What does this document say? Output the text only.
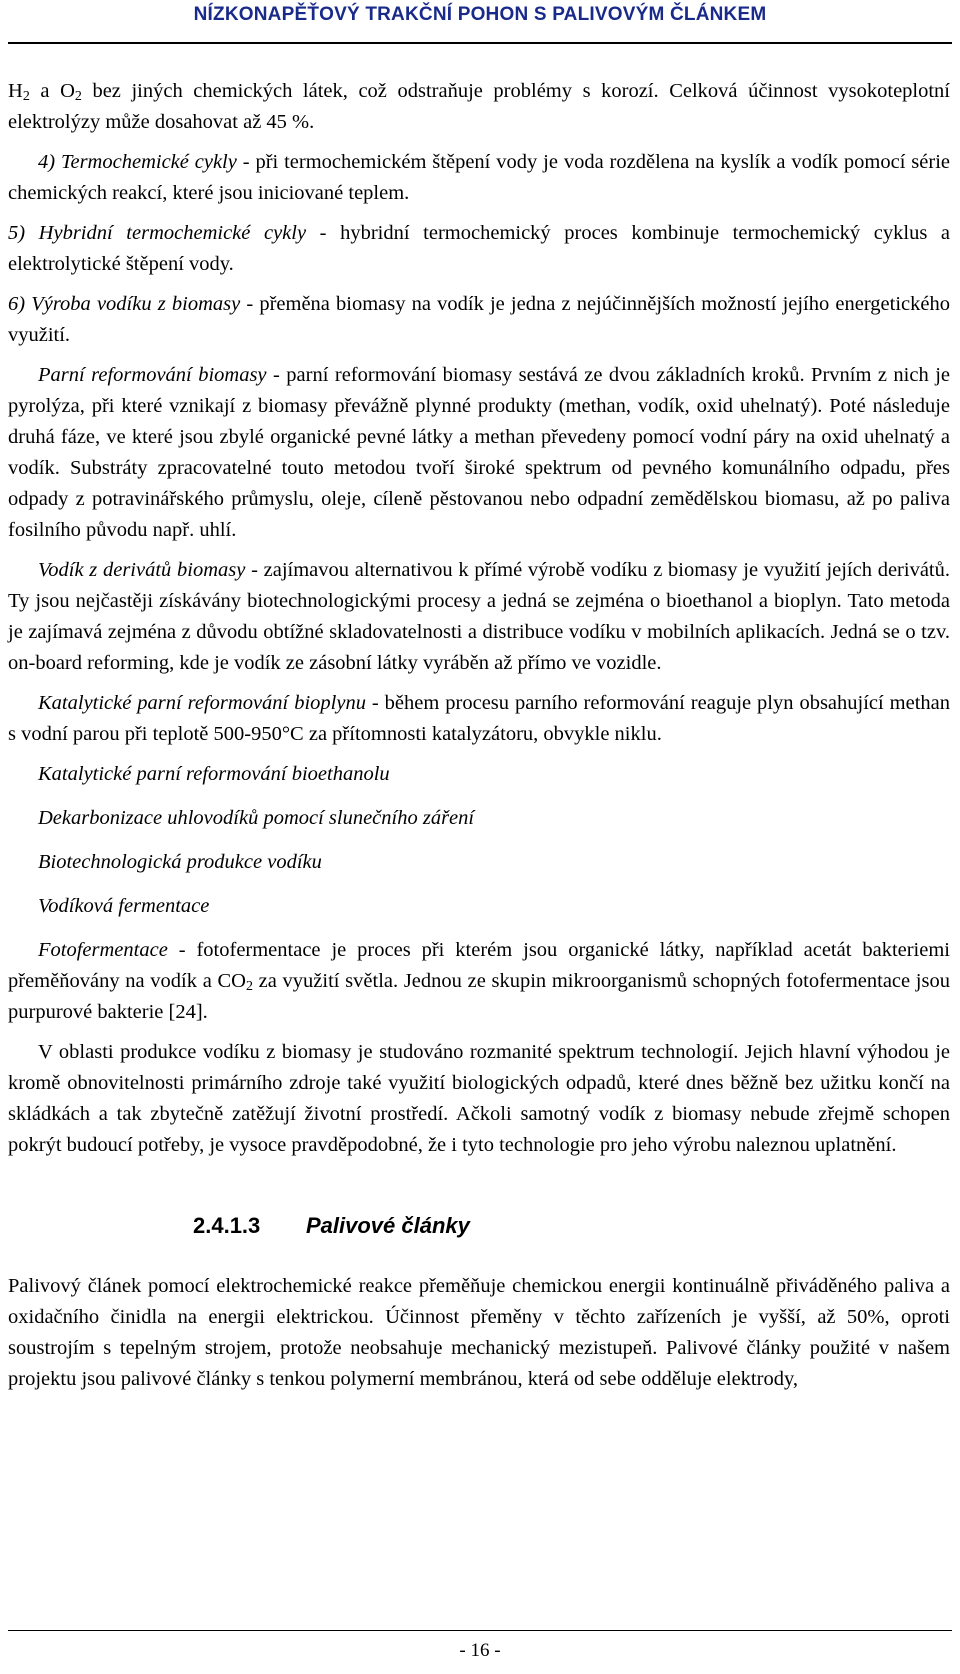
NÍZKONAPĚŤOVÝ TRAKČNÍ POHON S PALIVOVÝM ČLÁNKEM

$H_2$ a $O_2$ bez jiných chemických látek, což odstraňuje problémy s korozí. Celková účinnost vysokoteplotní elektrolýzy může dosahovat až 45 %.

4) Termochemické cykly - při termochemickém štěpení vody je voda rozdělena na kyslík a vodík pomocí série chemických reakcí, které jsou iniciované teplem.

5) Hybridní termochemické cykly - hybridní termochemický proces kombinuje termochemický cyklus a elektrolytické štěpení vody.

6) Výroba vodíku z biomasy - přeměna biomasy na vodík je jedna z nejúčinnějších možností jejího energetického využití.

Parní reformování biomasy - parní reformování biomasy sestává ze dvou základních kroků. Prvním z nich je pyrolýza, při které vznikají z biomasy převážně plynné produkty (methan, vodík, oxid uhelnatý). Poté následuje druhá fáze, ve které jsou zbylé organické pevné látky a methan převedeny pomocí vodní páry na oxid uhelnatý a vodík. Substráty zpracovatelné touto metodou tvoří široké spektrum od pevného komunálního odpadu, přes odpady z potravinářského průmyslu, oleje, cíleně pěstovanou nebo odpadní zemědělskou biomasu, až po paliva fosilního původu např. uhlí.

Vodík z derivátů biomasy - zajímavou alternativou k přímé výrobě vodíku z biomasy je využití jejích derivátů. Ty jsou nejčastěji získávány biotechnologickými procesy a jedná se zejména o bioethanol a bioplyn. Tato metoda je zajímavá zejména z důvodu obtížné skladovatelnosti a distribuce vodíku v mobilních aplikacích. Jedná se o tzv. on-board reforming, kde je vodík ze zásobní látky vyráběn až přímo ve vozidle.

Katalytické parní reformování bioplynu - během procesu parního reformování reaguje plyn obsahující methan s vodní parou při teplotě 500-950°C za přítomnosti katalyzátoru, obvykle niklu.

Katalytické parní reformování bioethanolu

Dekarbonizace uhlovodíků pomocí slunečního záření

Biotechnologická produkce vodíku

Vodíková fermentace

Fotofermentace - fotofermentace je proces při kterém jsou organické látky, například acetát bakteriemi přeměňovány na vodík a $CO_2$ za využití světla. Jednou ze skupin mikroorganismů schopných fotofermentace jsou purpurové bakterie [24].

V oblasti produkce vodíku z biomasy je studováno rozmanité spektrum technologií. Jejich hlavní výhodou je kromě obnovitelnosti primárního zdroje také využití biologických odpadů, které dnes běžně bez užitku končí na skládkách a tak zbytečně zatěžují životní prostředí. Ačkoli samotný vodík z biomasy nebude zřejmě schopen pokrýt budoucí potřeby, je vysoce pravděpodobné, že i tyto technologie pro jeho výrobu naleznou uplatnění.

2.4.1.3 Palivové články

Palivový článek pomocí elektrochemické reakce přeměňuje chemickou energii kontinuálně přiváděného paliva a oxidačního činidla na energii elektrickou. Účinnost přeměny v těchto zařízeních je vyšší, až 50%, oproti soustrojím s tepelným strojem, protože neobsahuje mechanický mezistupeň. Palivové články použité v našem projektu jsou palivové články s tenkou polymerní membránou, která od sebe odděluje elektrody,

- 16 -
